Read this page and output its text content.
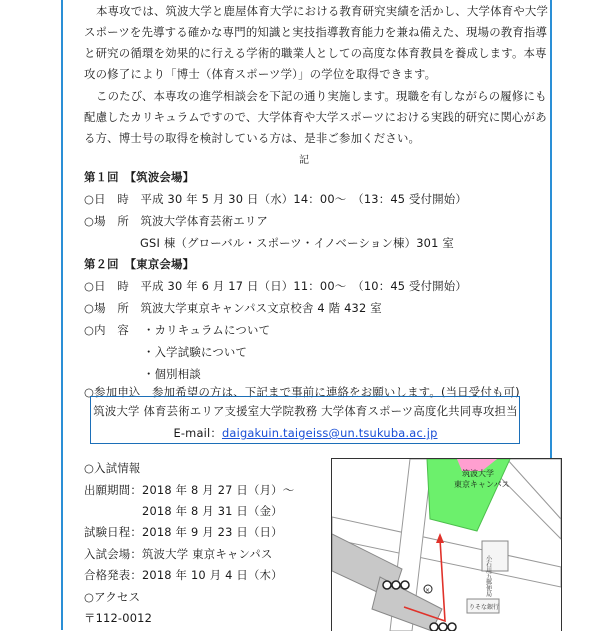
本専攻では、筑波大学と鹿屋体育大学における教育研究実績を活かし、大学体育や大学
スポーツを先導する確かな専門的知識と実技指導教育能力を兼ね備えた、現場の教育指導
と研究の循環を効果的に行える学術的職業人としての高度な体育教員を養成します。本専
攻の修了により「博士（体育スポーツ学）」の学位を取得できます。
このたび、本専攻の進学相談会を下記の通り実施します。現職を有しながらの履修にも
配慮したカリキュラムですので、大学体育や大学スポーツにおける実践的研究に関心があ
る方、博士号の取得を検討している方は、是非ご参加ください。
記
第１回　【筑波会場】
○日　時　平成 30 年 5 月 30 日（水）14：00～　（13：45 受付開始）
○場　所　筑波大学体育芸術エリア
GSI 棟（グローバル・スポーツ・イノベーション棟）301 室
第２回　【東京会場】
○日　時　平成 30 年 6 月 17 日（日）11：00～　（10：45 受付開始）
○場　所　筑波大学東京キャンパス文京校舎 4 階 432 室
○内　容 ・カリキュラムについて
・入学試験について
・個別相談
○参加申込　参加希望の方は、下記まで事前に連絡をお願いします。(当日受付も可)
筑波大学 体育芸術エリア支援室大学院教務 大学体育スポーツ高度化共同専攻担当
E-mail：daigakuin.taigeiss@un.tsukuba.ac.jp
○入試情報
出願期間： 2018 年 8 月 27 日（月）～
2018 年 8 月 31 日（金）
試験日程：2018 年 9 月 23 日（日）
入試会場：筑波大学 東京キャンパス
合格発表：2018 年 10 月 4 日（木）
○アクセス
〒112-0012
×
筑波大学
東京キャンパス
小石川五郵便局
りそな銀行
